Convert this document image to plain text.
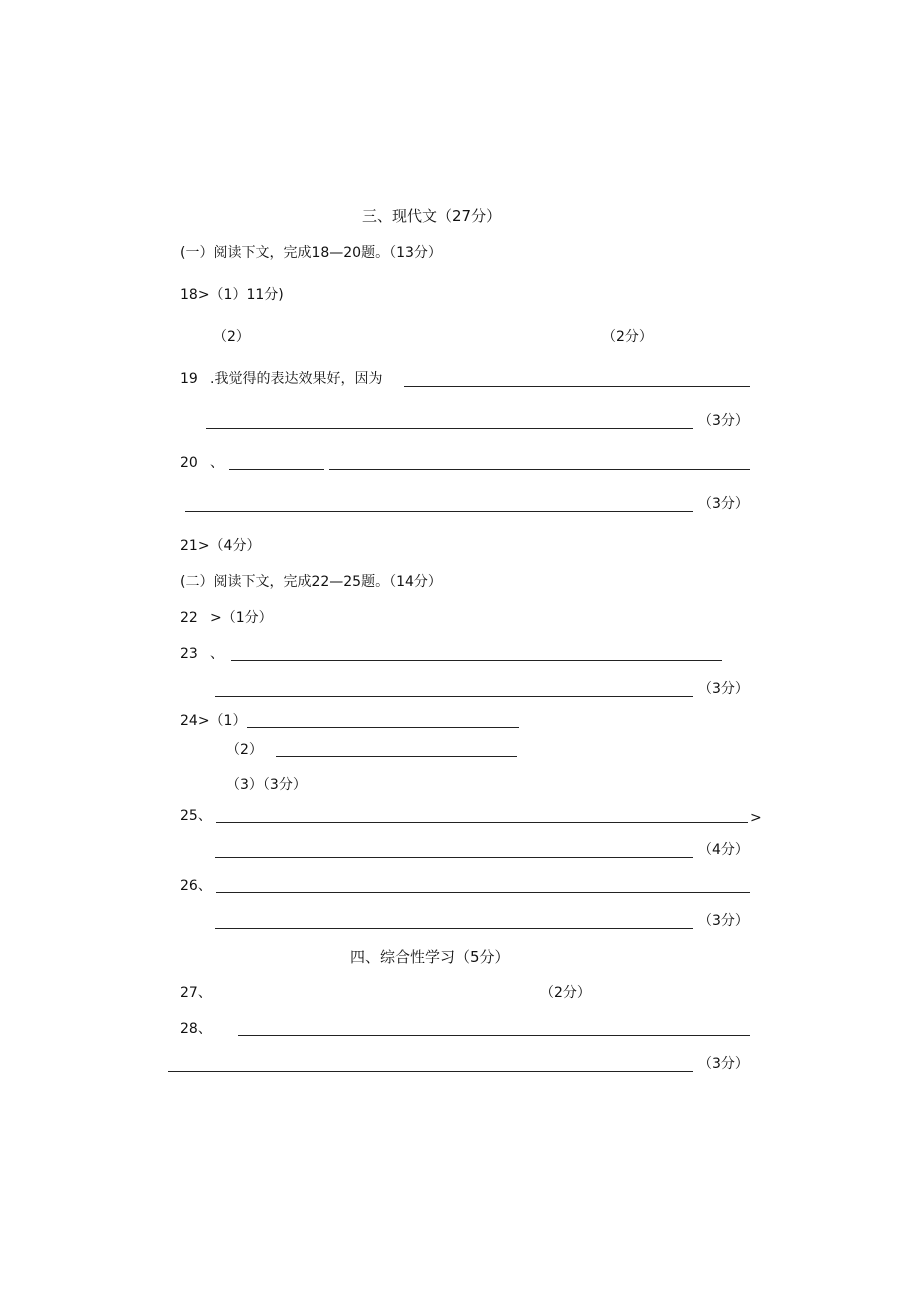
三、现代文（27分）
(一）阅读下文，完成18—20题。（13分）
18>（1）11分)
（2）	（2分）
19 .我觉得的表达效果好，因为
（3分）
20 、
（3分）
21>（4分）
(二）阅读下文，完成22—25题。（14分）
22 >（1分）
23 、
（3分）
24>（1）
（2）
（3）（3分）
25、	>
（4分）
26、
（3分）
四、综合性学习（5分）
27、	（2分）
28、
（3分）
